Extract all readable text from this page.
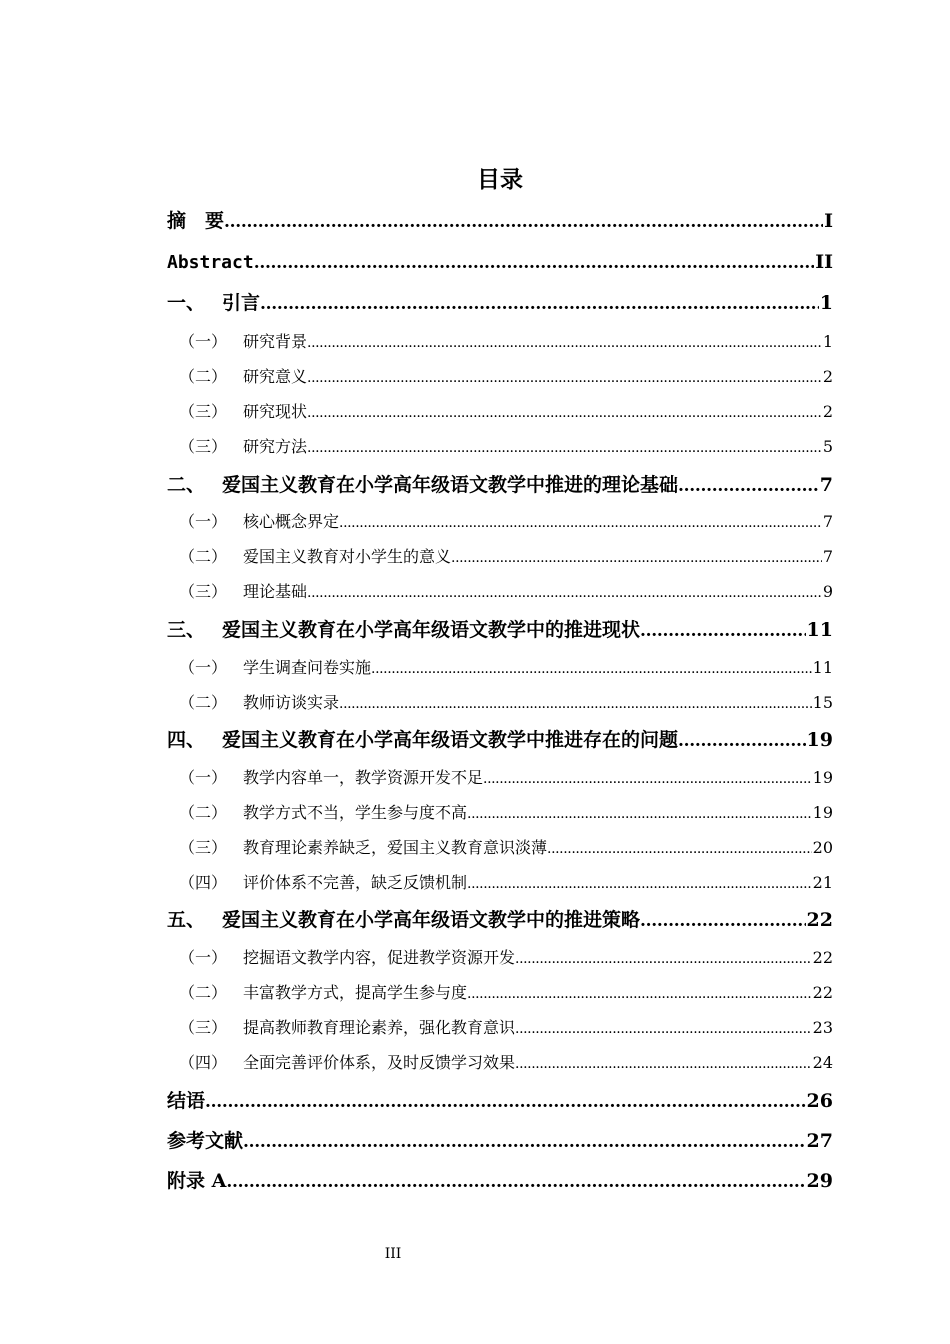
目录
摘　要 .....	I
Abstract .....	II
一、 引言 .....	1
（一） 研究背景 .....	1
（二） 研究意义 .....	2
（三） 研究现状 .....	2
（三） 研究方法 .....	5
二、 爱国主义教育在小学高年级语文教学中推进的理论基础 .....	7
（一） 核心概念界定 .....	7
（二） 爱国主义教育对小学生的意义 .....	7
（三） 理论基础 .....	9
三、 爱国主义教育在小学高年级语文教学中的推进现状 .....	11
（一） 学生调查问卷实施 .....	11
（二） 教师访谈实录 .....	15
四、 爱国主义教育在小学高年级语文教学中推进存在的问题 .....	19
（一） 教学内容单一，教学资源开发不足 .....	19
（二） 教学方式不当，学生参与度不高 .....	19
（三） 教育理论素养缺乏，爱国主义教育意识淡薄 .....	20
（四） 评价体系不完善，缺乏反馈机制 .....	21
五、 爱国主义教育在小学高年级语文教学中的推进策略 .....	22
（一） 挖掘语文教学内容，促进教学资源开发 .....	22
（二） 丰富教学方式，提高学生参与度 .....	22
（三） 提高教师教育理论素养，强化教育意识 .....	23
（四） 全面完善评价体系，及时反馈学习效果 .....	24
结语 .....	26
参考文献 .....	27
附录 A .....	29
III
